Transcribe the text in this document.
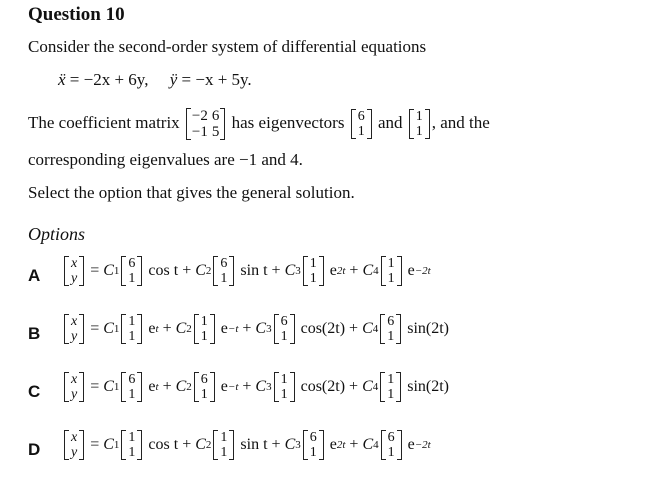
Question 10
Consider the second-order system of differential equations
ẍ = −2x + 6y, ÿ = −x + 5y.
The coefficient matrix −2	6
−1	5
has eigenvectors 6
1 and 1
1 , and the
corresponding eigenvalues are −1 and 4.
Select the option that gives the general solution.
Options
A
x
y = C1 6
1 cos t + C2 6
1 sin t + C3 1
1 e2t + C4 1
1 e−2t
B
x
y = C1 1
1 et + C2 1
1 e−t + C3 6
1 cos(2t) + C4 6
1 sin(2t)
C
x
y = C1 6
1 et + C2 6
1 e−t + C3 1
1 cos(2t) + C4 1
1 sin(2t)
D
x
y = C1 1
1 cos t + C2 1
1 sin t + C3 6
1 e2t + C4 6
1 e−2t
